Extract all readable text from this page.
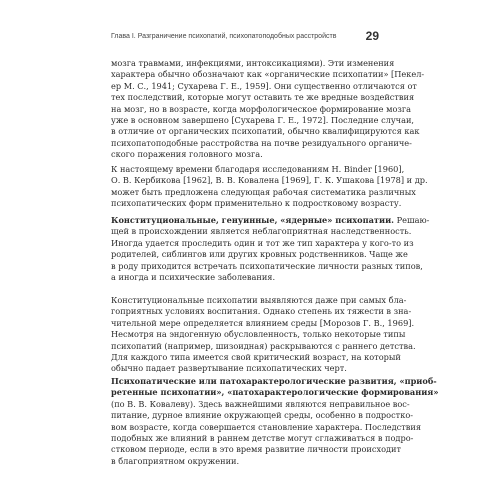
Глава I. Разграничение психопатий, психопатоподобных расстройств	29
мозга травмами, инфекциями, интоксикациями). Эти изменения
характера обычно обозначают как «органические психопатии» [Пекел-
ер М. С., 1941; Сухарева Г. Е., 1959]. Они существенно отличаются от
тех последствий, которые могут оставить те же вредные воздействия
на мозг, но в возрасте, когда морфологическое формирование мозга
уже в основном завершено [Сухарева Г. Е., 1972]. Последние случаи,
в отличие от органических психопатий, обычно квалифицируются как
психопатоподобные расстройства на почве резидуального органиче-
ского поражения головного мозга.
К настоящему времени благодаря исследованиям H. Binder [1960],
О. В. Кербикова [1962], В. В. Коваленa [1969], Г. К. Ушакова [1978] и др.
может быть предложена следующая рабочая систематика различных
психопатических форм применительно к подростковому возрасту.
Конституциональные, генуинные, «ядерные» психопатии. Решаю-
щей в происхождении является неблагоприятная наследственность.
Иногда удается проследить один и тот же тип характера у кого-то из
родителей, сиблингов или других кровных родственников. Чаще же
в роду приходится встречать психопатические личности разных типов,
а иногда и психические заболевания.
Конституциональные психопатии выявляются даже при самых бла-
гоприятных условиях воспитания. Однако степень их тяжести в зна-
чительной мере определяется влиянием среды [Морозов Г. В., 1969].
Несмотря на эндогенную обусловленность, только некоторые типы
психопатий (например, шизоидная) раскрываются с раннего детства.
Для каждого типа имеется свой критический возраст, на который
обычно падает развертывание психопатических черт.
Психопатические или патохарактерологические развития, «приоб-
ретенные психопатии», «патохарактерологические формирования»
(по В. В. Ковалеву). Здесь важнейшими являются неправильное вос-
питание, дурное влияние окружающей среды, особенно в подростко-
вом возрасте, когда совершается становление характера. Последствия
подобных же влияний в раннем детстве могут сглаживаться в подро-
стковом периоде, если в это время развитие личности происходит
в благоприятном окружении.
